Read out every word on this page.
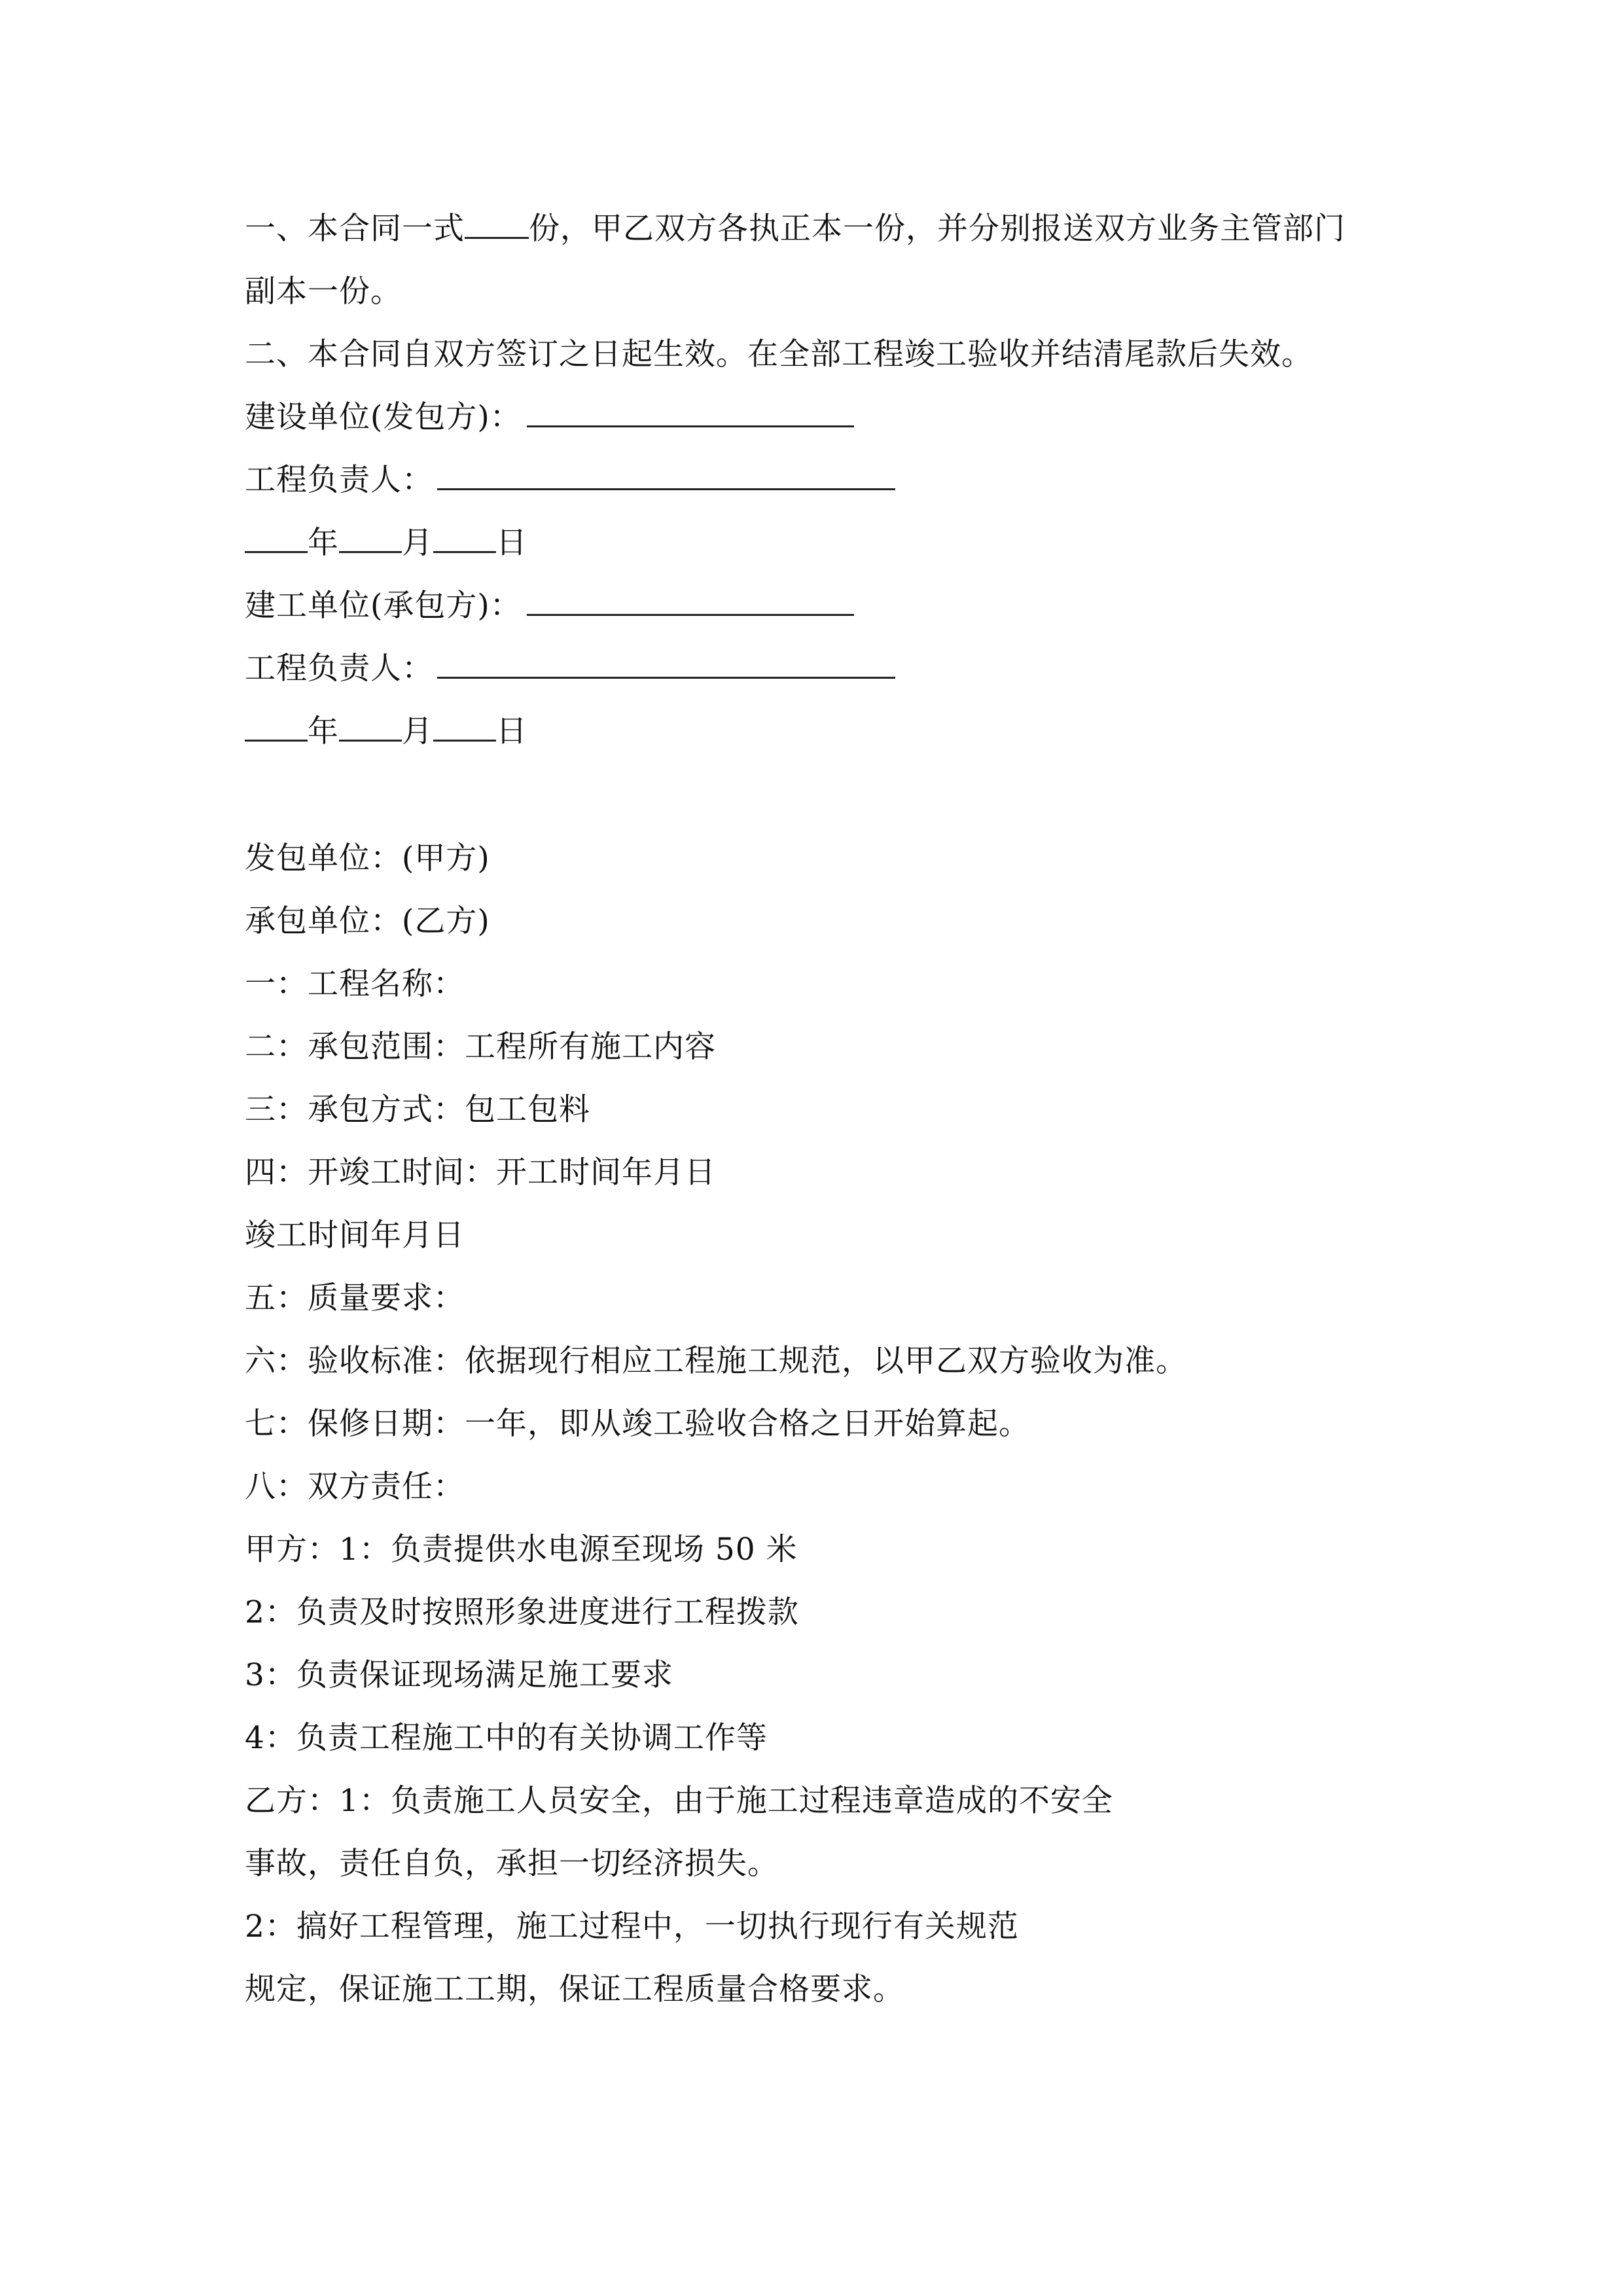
一、本合同一式 份，甲乙双方各执正本一份，并分别报送双方业务主管部门
副本一份。
二、本合同自双方签订之日起生效。在全部工程竣工验收并结清尾款后失效。
建设单位(发包方)：
工程负责人：
年 月 日
建工单位(承包方)：
工程负责人：
年 月 日
发包单位：(甲方)
承包单位：(乙方)
一：工程名称：
二：承包范围：工程所有施工内容
三：承包方式：包工包料
四：开竣工时间：开工时间年月日
竣工时间年月日
五：质量要求：
六：验收标准：依据现行相应工程施工规范，以甲乙双方验收为准。
七：保修日期：一年，即从竣工验收合格之日开始算起。
八：双方责任：
甲方：1：负责提供水电源至现场 50 米
2：负责及时按照形象进度进行工程拨款
3：负责保证现场满足施工要求
4：负责工程施工中的有关协调工作等
乙方：1：负责施工人员安全，由于施工过程违章造成的不安全
事故，责任自负，承担一切经济损失。
2：搞好工程管理，施工过程中，一切执行现行有关规范
规定，保证施工工期，保证工程质量合格要求。
